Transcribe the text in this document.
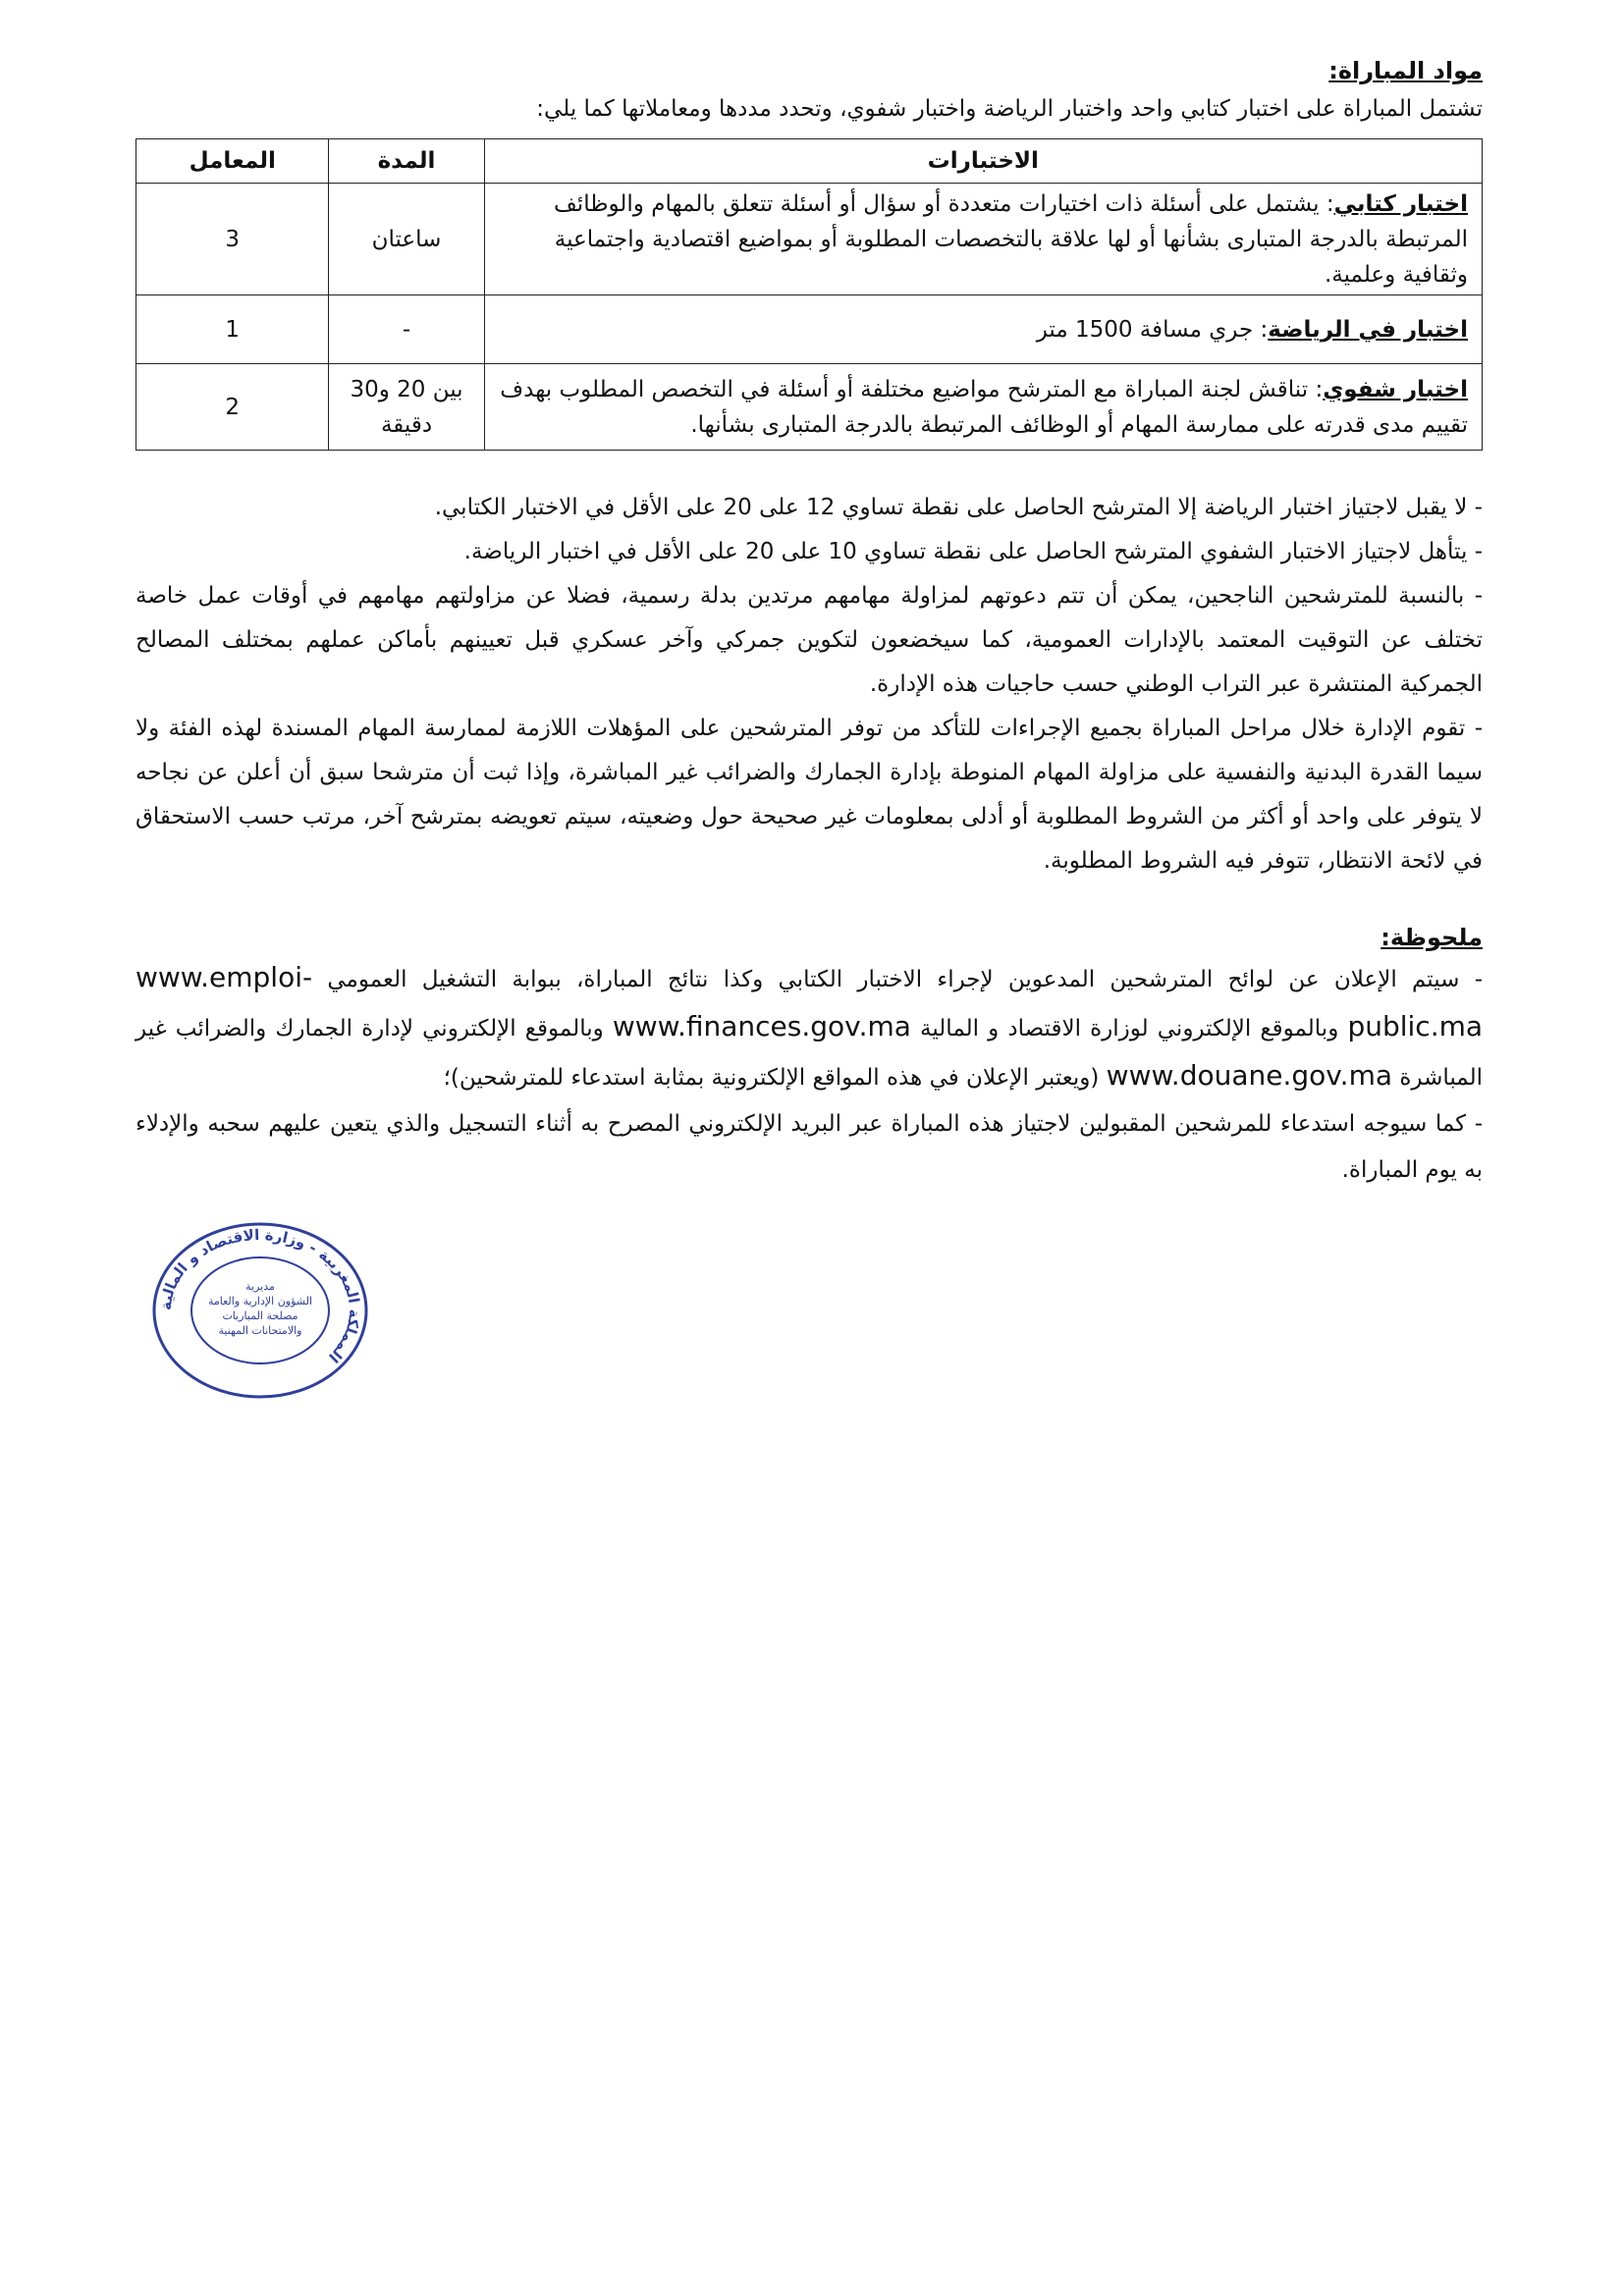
مواد المباراة:

تشتمل المباراة على اختبار كتابي واحد واختبار الرياضة واختبار شفوي، وتحدد مددها ومعاملاتها كما يلي:

الاختبارات	المدة	المعامل
اختبار كتابي: يشتمل على أسئلة ذات اختيارات متعددة أو سؤال أو أسئلة تتعلق بالمهام والوظائف المرتبطة بالدرجة المتبارى بشأنها أو لها علاقة بالتخصصات المطلوبة أو بمواضيع اقتصادية واجتماعية وثقافية وعلمية.	ساعتان	3
اختبار في الرياضة: جري مسافة 1500 متر	-	1
اختبار شفوي: تناقش لجنة المباراة مع المترشح مواضيع مختلفة أو أسئلة في التخصص المطلوب بهدف تقييم مدى قدرته على ممارسة المهام أو الوظائف المرتبطة بالدرجة المتبارى بشأنها.	بين 20 و30 دقيقة	2

- لا يقبل لاجتياز اختبار الرياضة إلا المترشح الحاصل على نقطة تساوي 12 على 20 على الأقل في الاختبار الكتابي.

- يتأهل لاجتياز الاختبار الشفوي المترشح الحاصل على نقطة تساوي 10 على 20 على الأقل في اختبار الرياضة.

- بالنسبة للمترشحين الناجحين، يمكن أن تتم دعوتهم لمزاولة مهامهم مرتدين بدلة رسمية، فضلا عن مزاولتهم مهامهم في أوقات عمل خاصة تختلف عن التوقيت المعتمد بالإدارات العمومية، كما سيخضعون لتكوين جمركي وآخر عسكري قبل تعيينهم بأماكن عملهم بمختلف المصالح الجمركية المنتشرة عبر التراب الوطني حسب حاجيات هذه الإدارة.

- تقوم الإدارة خلال مراحل المباراة بجميع الإجراءات للتأكد من توفر المترشحين على المؤهلات اللازمة لممارسة المهام المسندة لهذه الفئة ولا سيما القدرة البدنية والنفسية على مزاولة المهام المنوطة بإدارة الجمارك والضرائب غير المباشرة، وإذا ثبت أن مترشحا سبق أن أعلن عن نجاحه لا يتوفر على واحد أو أكثر من الشروط المطلوبة أو أدلى بمعلومات غير صحيحة حول وضعيته، سيتم تعويضه بمترشح آخر، مرتب حسب الاستحقاق في لائحة الانتظار، تتوفر فيه الشروط المطلوبة.

ملحوظة:

- سيتم الإعلان عن لوائح المترشحين المدعوين لإجراء الاختبار الكتابي وكذا نتائج المباراة، ببوابة التشغيل العمومي www.emploi-public.ma وبالموقع الإلكتروني لوزارة الاقتصاد و المالية www.finances.gov.ma وبالموقع الإلكتروني لإدارة الجمارك والضرائب غير المباشرة www.douane.gov.ma (ويعتبر الإعلان في هذه المواقع الإلكترونية بمثابة استدعاء للمترشحين)؛

- كما سيوجه استدعاء للمرشحين المقبولين لاجتياز هذه المباراة عبر البريد الإلكتروني المصرح به أثناء التسجيل والذي يتعين عليهم سحبه والإدلاء به يوم المباراة.

المملكة المغربية - وزارة الاقتصاد و المالية
مديرية الشؤون الإدارية والعامة مصلحة المباريات والامتحانات المهنية
